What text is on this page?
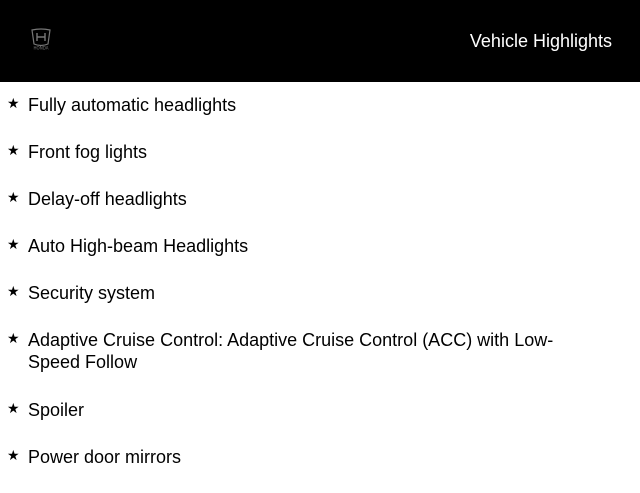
HONDA	Vehicle Highlights
★ Fully automatic headlights
★ Front fog lights
★ Delay-off headlights
★ Auto High-beam Headlights
★ Security system
★ Adaptive Cruise Control: Adaptive Cruise Control (ACC) with Low-Speed Follow
★ Spoiler
★ Power door mirrors
